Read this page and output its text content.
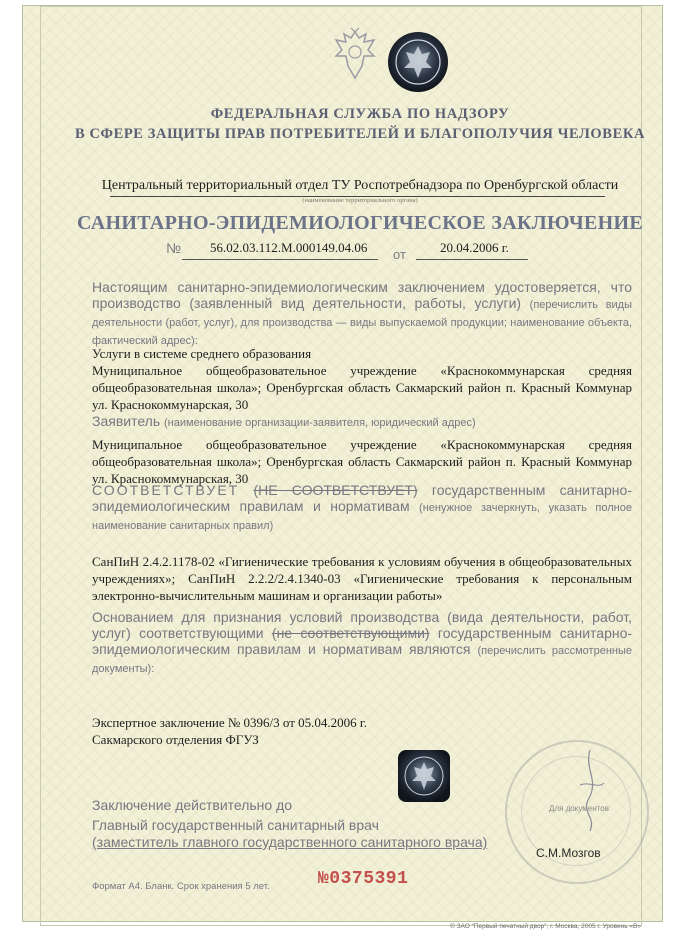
ФЕДЕРАЛЬНАЯ СЛУЖБА ПО НАДЗОРУ
В СФЕРЕ ЗАЩИТЫ ПРАВ ПОТРЕБИТЕЛЕЙ И БЛАГОПОЛУЧИЯ ЧЕЛОВЕКА
Центральный территориальный отдел ТУ Роспотребнадзора по Оренбургской области
(наименование территориального органа)
САНИТАРНО-ЭПИДЕМИОЛОГИЧЕСКОЕ ЗАКЛЮЧЕНИЕ
№ 56.02.03.112.М.000149.04.06 от	20.04.2006 г.
Настоящим санитарно-эпидемиологическим заключением удостоверяется, что производство (заявленный вид деятельности, работы, услуги) (перечислить виды деятельности (работ, услуг), для производства — виды выпускаемой продукции; наименование объекта, фактический адрес):
Услуги в системе среднего образования
Муниципальное общеобразовательное учреждение «Краснокоммунарская средняя общеобразовательная школа»; Оренбургская область Сакмарский район п. Красный Коммунар ул. Краснокоммунарская, 30
Заявитель (наименование организации-заявителя, юридический адрес)
Муниципальное общеобразовательное учреждение «Краснокоммунарская средняя общеобразовательная школа»; Оренбургская область Сакмарский район п. Красный Коммунар ул. Краснокоммунарская, 30
СООТВЕТСТВУЕТ (НЕ СООТВЕТСТВУЕТ) государственным санитарно-эпидемиологическим правилам и нормативам (ненужное зачеркнуть, указать полное наименование санитарных правил)
СанПиН 2.4.2.1178-02 «Гигиенические требования к условиям обучения в общеобразовательных учреждениях»; СанПиН 2.2.2/2.4.1340-03 «Гигиенические требования к персональным электронно-вычислительным машинам и организации работы»
Основанием для признания условий производства (вида деятельности, работ, услуг) соответствующими (не соответствующими) государственным санитарно-эпидемиологическим правилам и нормативам являются (перечислить рассмотренные документы):
Экспертное заключение № 0396/3 от 05.04.2006 г.
Сакмарского отделения ФГУЗ
Заключение действительно до
Главный государственный санитарный врач
(заместитель главного государственного санитарного врача)
Для документов
С.М.Мозгов
Формат А4. Бланк. Срок хранения 5 лет.	№0375391
© ЗАО "Первый печатный двор", г. Москва, 2005 г. Уровень «В»
